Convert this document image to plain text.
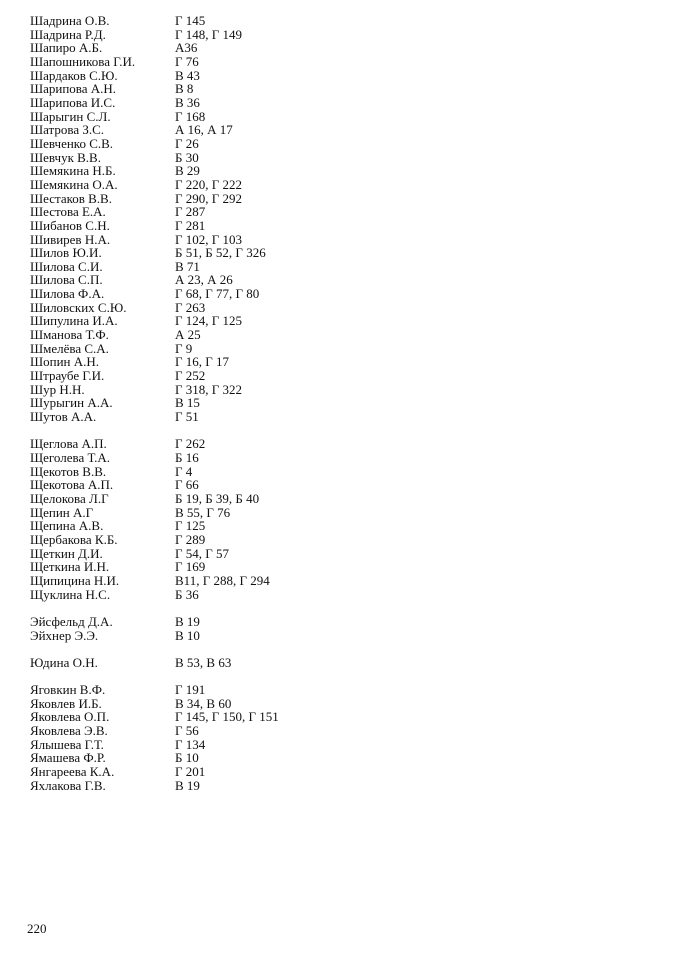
Шадрина О.В.	Г 145
Шадрина Р.Д.	Г 148, Г 149
Шапиро А.Б.	А36
Шапошникова Г.И.	Г 76
Шардаков С.Ю.	В 43
Шарипова А.Н.	В 8
Шарипова И.С.	В 36
Шарыгин С.Л.	Г 168
Шатрова З.С.	А 16, А 17
Шевченко С.В.	Г 26
Шевчук В.В.	Б 30
Шемякина Н.Б.	В 29
Шемякина О.А.	Г 220, Г 222
Шестаков В.В.	Г 290, Г 292
Шестова Е.А.	Г 287
Шибанов С.Н.	Г 281
Шивирев Н.А.	Г 102, Г 103
Шилов Ю.И.	Б 51, Б 52, Г 326
Шилова С.И.	В 71
Шилова С.П.	А 23, А 26
Шилова Ф.А.	Г 68, Г 77, Г 80
Шиловских С.Ю.	Г 263
Шипулина И.А.	Г 124, Г 125
Шманова Т.Ф.	А 25
Шмелёва С.А.	Г 9
Шопин А.Н.	Г 16, Г 17
Штраубе Г.И.	Г 252
Шур Н.Н.	Г 318, Г 322
Шурыгин А.А.	В 15
Шутов А.А.	Г 51
Щеглова А.П.	Г 262
Щеголева Т.А.	Б 16
Щекотов В.В.	Г 4
Щекотова А.П.	Г 66
Щелокова Л.Г	Б 19, Б 39, Б 40
Щепин А.Г	В 55, Г 76
Щепина А.В.	Г 125
Щербакова К.Б.	Г 289
Щеткин Д.И.	Г 54, Г 57
Щеткина И.Н.	Г 169
Щипицина Н.И.	В11, Г 288, Г 294
Щуклина Н.С.	Б 36
Эйсфельд Д.А.	В 19
Эйхнер Э.Э.	В 10
Юдина О.Н.	В 53, В 63
Яговкин В.Ф.	Г 191
Яковлев И.Б.	В 34, В 60
Яковлева О.П.	Г 145, Г 150, Г 151
Яковлева Э.В.	Г 56
Ялышева Г.Т.	Г 134
Ямашева Ф.Р.	Б 10
Янгареева К.А.	Г 201
Яхлакова Г.В.	В 19
220
